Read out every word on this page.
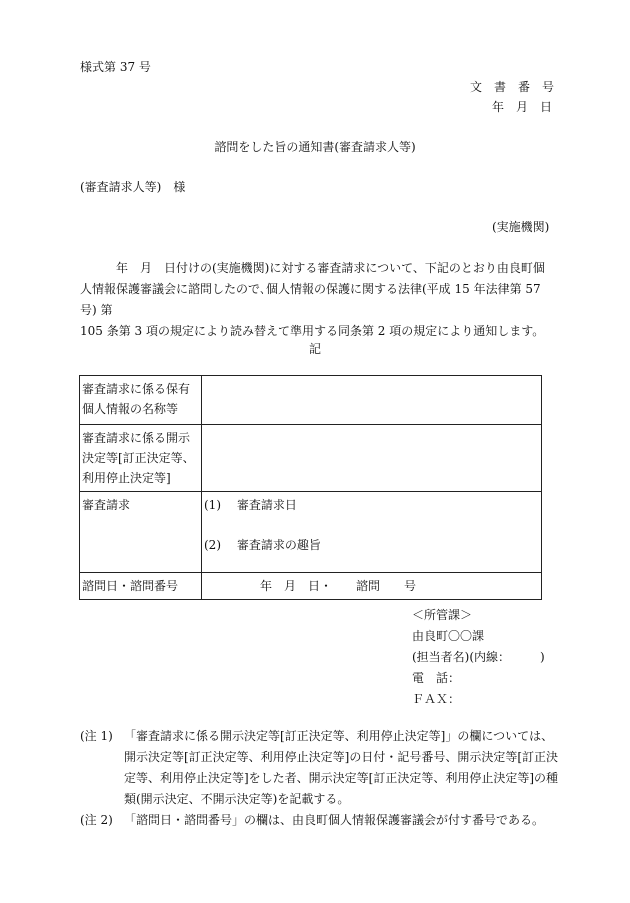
様式第 37 号
文　書　番　号
年　月　日
諮問をした旨の通知書(審査請求人等)
(審査請求人等)　様
(実施機関)

　　　年　月　日付けの(実施機関)に対する審査請求について、下記のとおり由良町個

人情報保護審議会に諮問したので､個人情報の保護に関する法律(平成 15 年法律第 57 号) 第

105 条第 3 項の規定により読み替えて準用する同条第 2 項の規定により通知します。

記
審査請求に係る保有個人情報の名称等	
審査請求に係る開示決定等[訂正決定等、利用停止決定等]	
審査請求	(1)　 審査請求日
(2)　 審査請求の趣旨

諮問日・諮問番号	年　月　日・　　諮問　　号
＜所管課＞
由良町〇〇課
(担当者名)(内線：　　　)
電　話：
ＦＡＸ：
(注 1) 「審査請求に係る開示決定等[訂正決定等、利用停止決定等]」の欄については、開示決定等[訂正決定等、利用停止決定等]の日付・記号番号、開示決定等[訂正決定等、利用停止決定等]をした者、開示決定等[訂正決定等、利用停止決定等]の種類(開示決定、不開示決定等)を記載する。
(注 2) 「諮問日・諮問番号」の欄は、由良町個人情報保護審議会が付す番号である。
